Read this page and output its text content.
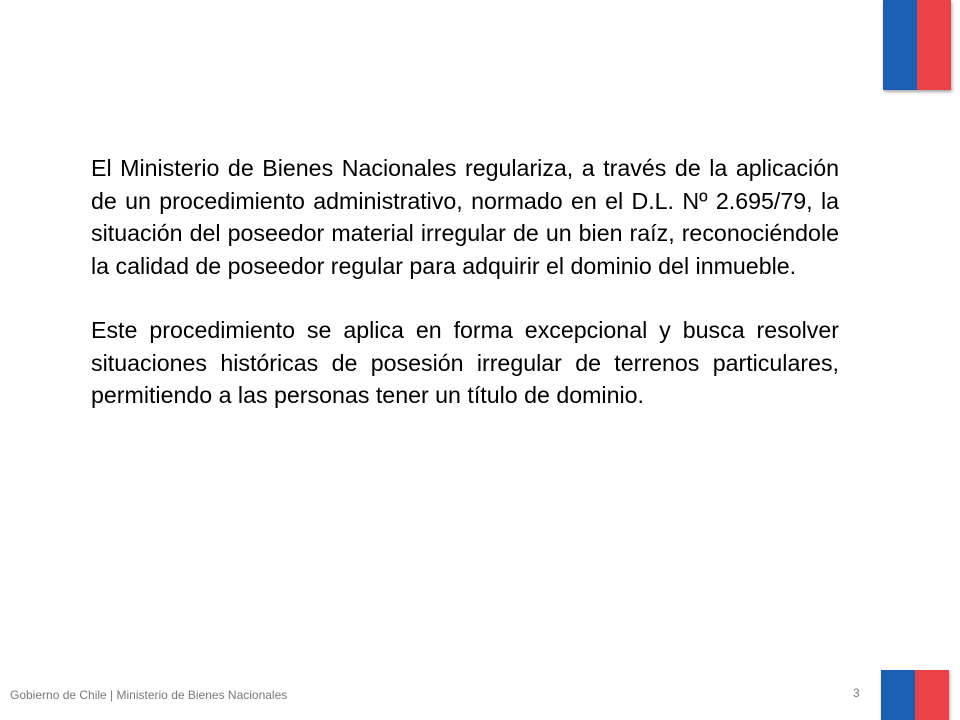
El Ministerio de Bienes Nacionales regulariza, a través de la aplicación de un procedimiento administrativo, normado en el D.L. Nº 2.695/79, la situación del poseedor material irregular de un bien raíz, reconociéndole la calidad de poseedor regular para adquirir el dominio del inmueble.

Este procedimiento se aplica en forma excepcional y busca resolver situaciones históricas de posesión irregular de terrenos particulares, permitiendo a las personas tener un título de dominio.

Gobierno de Chile | Ministerio de Bienes Nacionales	3
